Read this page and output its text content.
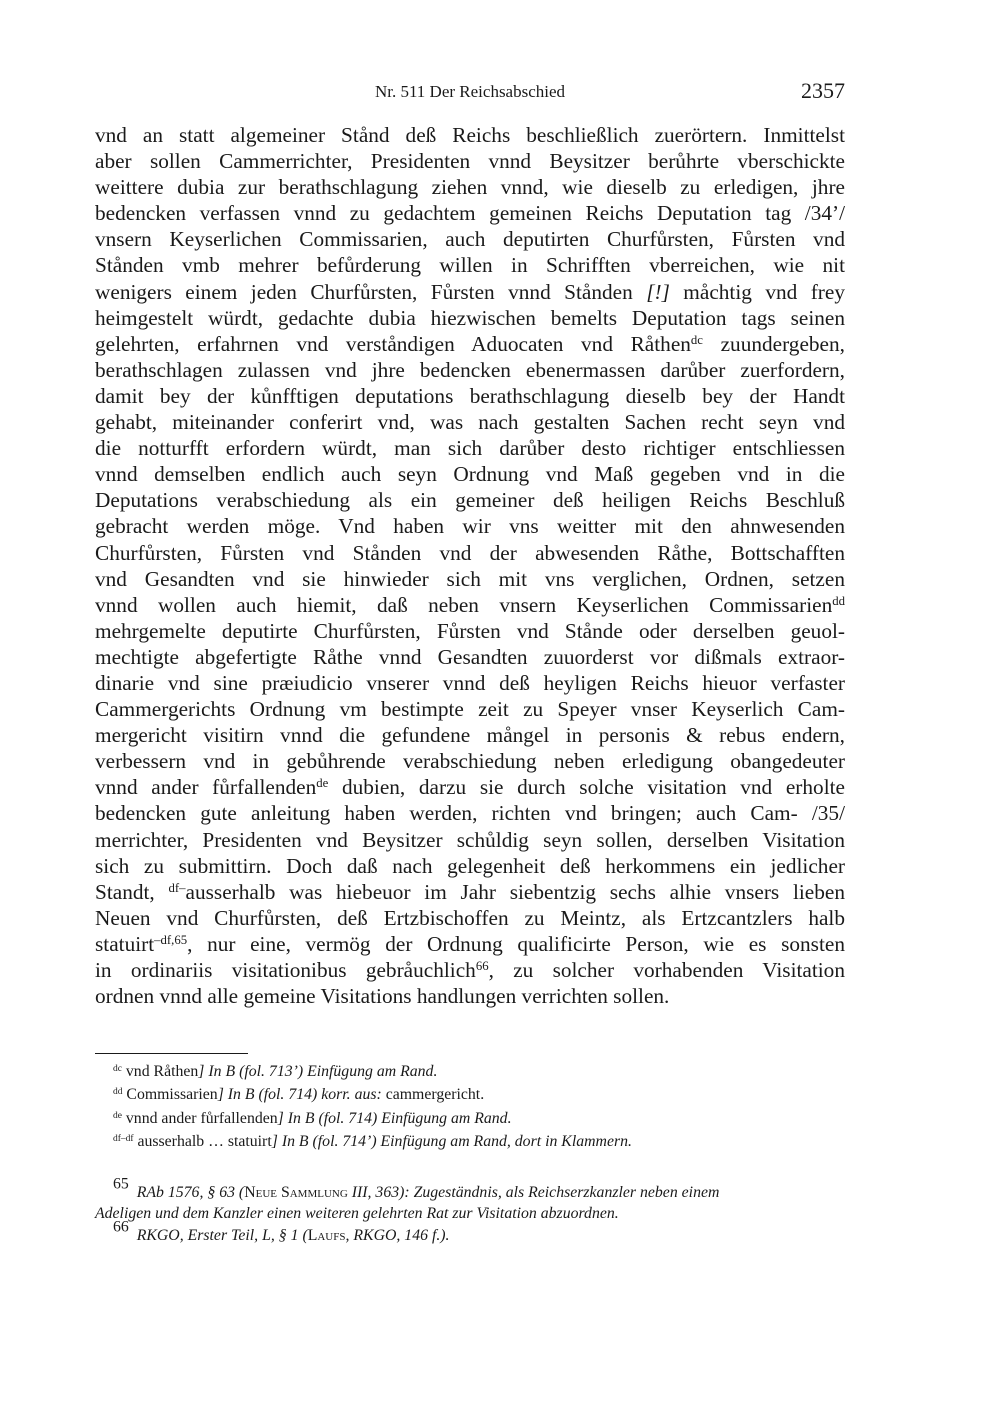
Nr. 511 Der Reichsabschied	2357
vnd an statt algemeiner Stånd deß Reichs beschließlich zuerörtern. Inmittelst
aber sollen Cammerrichter, Presidenten vnnd Beysitzer berůhrte vberschickte
weittere dubia zur berathschlagung ziehen vnnd, wie dieselb zu erledigen, jhre
bedencken verfassen vnnd zu gedachtem gemeinen Reichs Deputation tag /34’/
vnsern Keyserlichen Commissarien, auch deputirten Churfůrsten, Fůrsten vnd
Stånden vmb mehrer befůrderung willen in Schrifften vberreichen, wie nit
wenigers einem jeden Churfůrsten, Fůrsten vnnd Stånden [!] måchtig vnd frey
heimgestelt würdt, gedachte dubia hiezwischen bemelts Deputation tags seinen
gelehrten, erfahrnen vnd verståndigen Aduocaten vnd Råthen$^{dc}$ zuundergeben,
berathschlagen zulassen vnd jhre bedencken ebenermassen darůber zuerfordern,
damit bey der kůnfftigen deputations berathschlagung dieselb bey der Handt
gehabt, miteinander conferirt vnd, was nach gestalten Sachen recht seyn vnd
die notturfft erfordern würdt, man sich darůber desto richtiger entschliessen
vnnd demselben endlich auch seyn Ordnung vnd Maß gegeben vnd in die
Deputations verabschiedung als ein gemeiner deß heiligen Reichs Beschluß
gebracht werden möge. Vnd haben wir vns weitter mit den ahnwesenden
Churfůrsten, Fůrsten vnd Stånden vnd der abwesenden Råthe, Bottschafften
vnd Gesandten vnd sie hinwieder sich mit vns verglichen, Ordnen, setzen
vnnd wollen auch hiemit, daß neben vnsern Keyserlichen Commissarien$^{dd}$
mehrgemelte deputirte Churfůrsten, Fůrsten vnd Stånde oder derselben geuol-
mechtigte abgefertigte Råthe vnnd Gesandten zuuorderst vor dißmals extraor-
dinarie vnd sine præiudicio vnserer vnnd deß heyligen Reichs hieuor verfaster
Cammergerichts Ordnung vm bestimpte zeit zu Speyer vnser Keyserlich Cam-
mergericht visitirn vnnd die gefundene mångel in personis & rebus endern,
verbessern vnd in gebůhrende verabschiedung neben erledigung obangedeuter
vnnd ander fůrfallenden$^{de}$ dubien, darzu sie durch solche visitation vnd erholte
bedencken gute anleitung haben werden, richten vnd bringen; auch Cam- /35/
merrichter, Presidenten vnd Beysitzer schůldig seyn sollen, derselben Visitation
sich zu submittirn. Doch daß nach gelegenheit deß herkommens ein jedlicher
Standt, $^{df-}$ausserhalb was hiebeuor im Jahr siebentzig sechs alhie vnsers lieben
Neuen vnd Churfůrsten, deß Ertzbischoffen zu Meintz, als Ertzcantzlers halb
statuirt$^{-df,65}$, nur eine, vermög der Ordnung qualificirte Person, wie es sonsten
in ordinariis visitationibus gebråuchlich$^{66}$, zu solcher vorhabenden Visitation
ordnen vnnd alle gemeine Visitations handlungen verrichten sollen.
$^{dc}$ vnd Råthen] In B (fol. 713’) Einfügung am Rand.
$^{dd}$ Commissarien] In B (fol. 714) korr. aus: cammergericht.
$^{de}$ vnnd ander fůrfallenden] In B (fol. 714) Einfügung am Rand.
$^{df-df}$ ausserhalb … statuirt] In B (fol. 714’) Einfügung am Rand, dort in Klammern.
$^{65}$  RAb 1576, § 63 (Neue Sammlung III, 363): Zugeständnis, als Reichserzkanzler neben einem
Adeligen und dem Kanzler einen weiteren gelehrten Rat zur Visitation abzuordnen.
$^{66}$  RKGO, Erster Teil, L, § 1 (Laufs, RKGO, 146 f.).
